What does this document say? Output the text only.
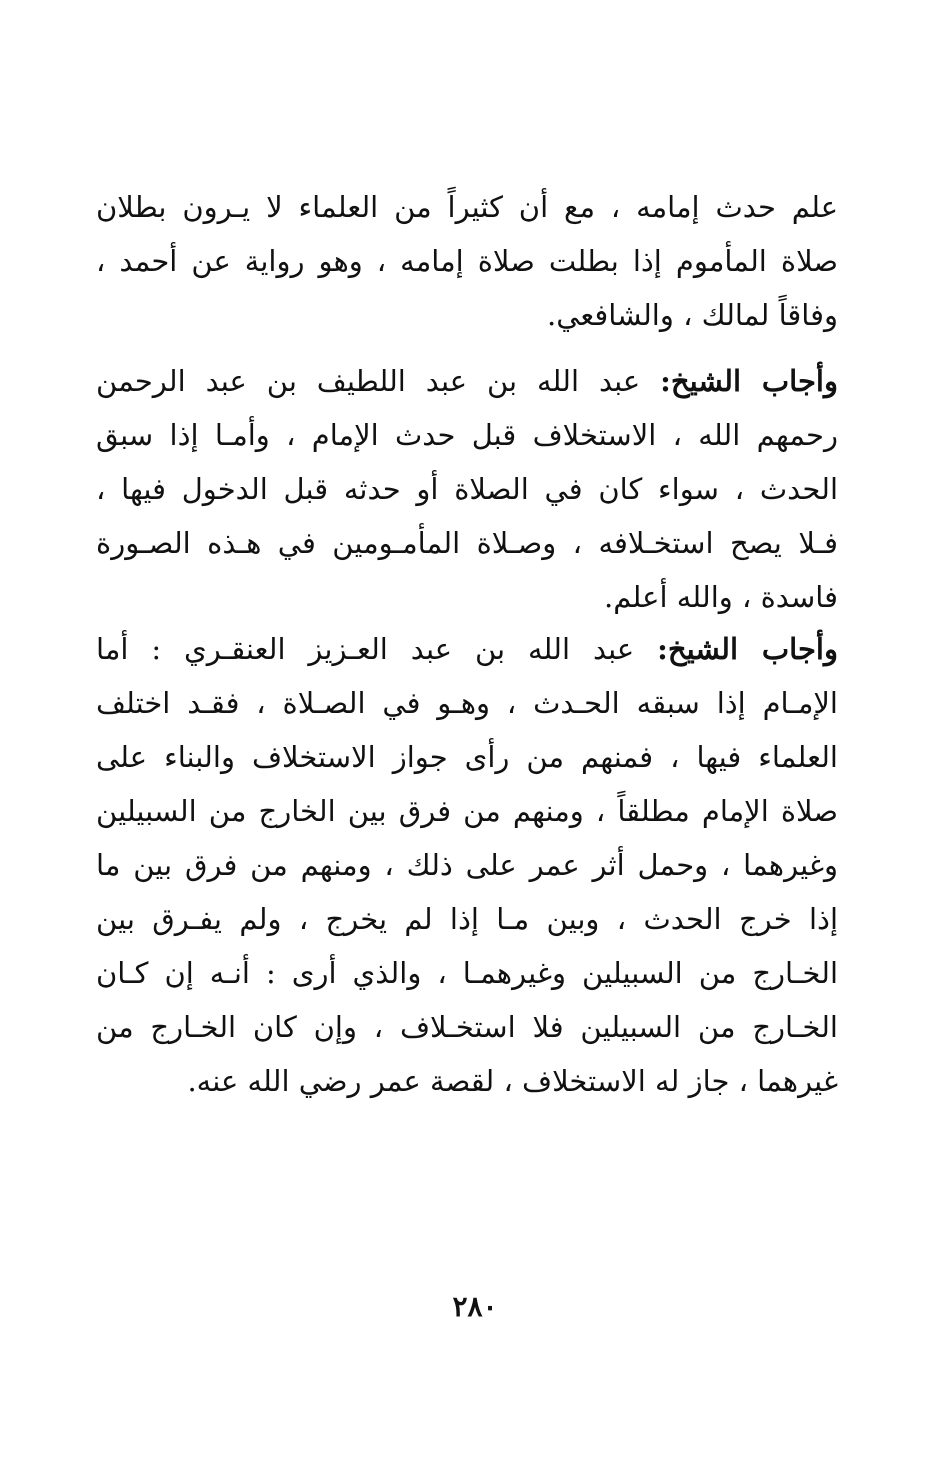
علم حدث إمامه ، مع أن كثيراً من العلماء لا يـرون بطلان
صلاة المأموم إذا بطلت صلاة إمامه ، وهو رواية عن أحمد ،
وفاقاً لمالك ، والشافعي.
وأجاب الشيخ: عبد الله بن عبد اللطيف بن عبد الرحمن
رحمهم الله ، الاستخلاف قبل حدث الإمام ، وأمـا إذا سبق
الحدث ، سواء كان في الصلاة أو حدثه قبل الدخول فيها ،
فـلا يصح استخـلافه ، وصـلاة المأمـومين في هـذه الصـورة
فاسدة ، والله أعلم.
وأجاب الشيخ: عبد الله بن عبد العـزيز العنقـري : أما
الإمـام إذا سبقه الحـدث ، وهـو في الصـلاة ، فقـد اختلف
العلماء فيها ، فمنهم من رأى جواز الاستخلاف والبناء على
صلاة الإمام مطلقاً ، ومنهم من فرق بين الخارج من السبيلين
وغيرهما ، وحمل أثر عمر على ذلك ، ومنهم من فرق بين ما
إذا خرج الحدث ، وبين مـا إذا لم يخرج ، ولم يفـرق بين
الخـارج من السبيلين وغيرهمـا ، والذي أرى : أنـه إن كـان
الخـارج من السبيلين فلا استخـلاف ، وإن كان الخـارج من
غيرهما ، جاز له الاستخلاف ، لقصة عمر رضي الله عنه.
٢٨٠
